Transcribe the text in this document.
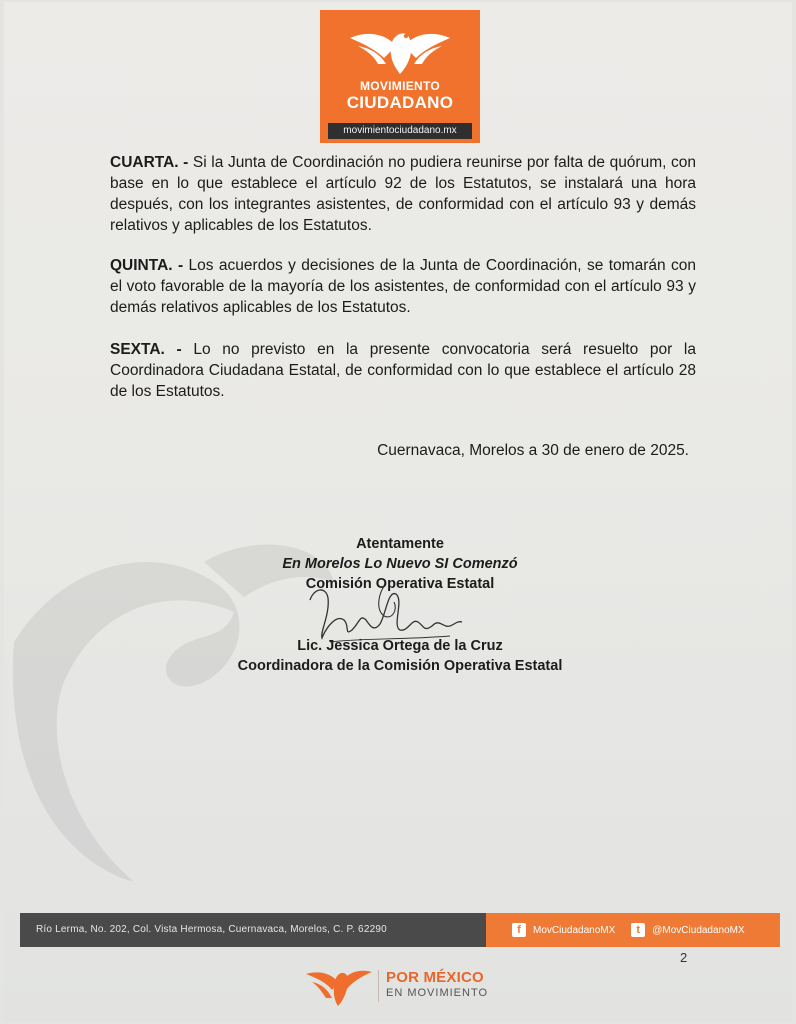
MOVIMIENTO
CIUDADANO
movimientociudadano.mx

CUARTA. - Si la Junta de Coordinación no pudiera reunirse por falta de quórum, con base en lo que establece el artículo 92 de los Estatutos, se instalará una hora después, con los integrantes asistentes, de conformidad con el artículo 93 y demás relativos y aplicables de los Estatutos.

QUINTA. - Los acuerdos y decisiones de la Junta de Coordinación, se tomarán con el voto favorable de la mayoría de los asistentes, de conformidad con el artículo 93 y demás relativos aplicables de los Estatutos.

SEXTA. - Lo no previsto en la presente convocatoria será resuelto por la Coordinadora Ciudadana Estatal, de conformidad con lo que establece el artículo 28 de los Estatutos.

Cuernavaca, Morelos a 30 de enero de 2025.
Atentamente
En Morelos Lo Nuevo SI Comenzó
Comisión Operativa Estatal
Lic. Jessica Ortega de la Cruz
Coordinadora de la Comisión Operativa Estatal
Río Lerma, No. 202, Col. Vista Hermosa, Cuernavaca, Morelos, C. P. 62290	f	MovCiudadanoMX	t	@MovCiudadanoMX
2
POR MÉXICO
EN MOVIMIENTO
